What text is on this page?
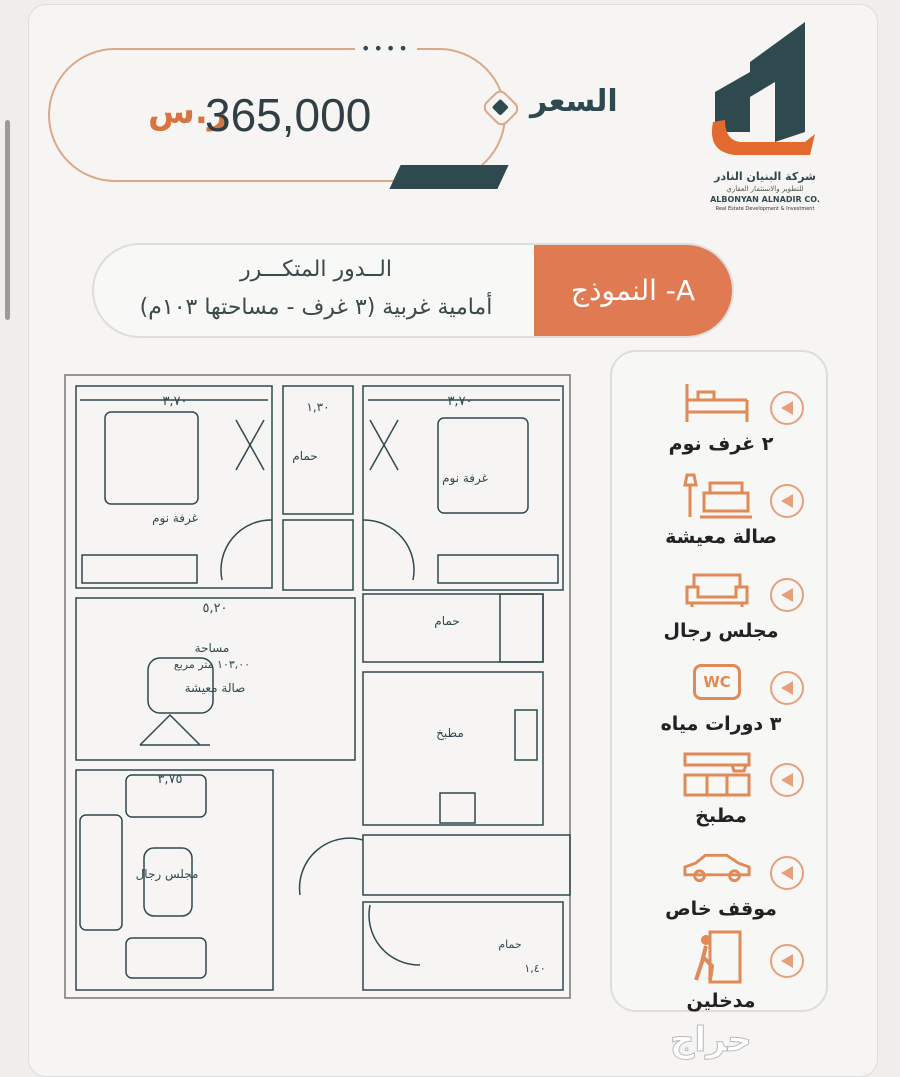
••••
ر.س
365,000	السعر
شركة البنيان النادر
للتطوير والاستثمار العقاري
ALBONYAN ALNADIR CO.
Real Estate Development & Investment
الــدور المتكـــرر
أمامية غربية (٣ غرف - مساحتها ١٠٣م)
النموذج -A
٣,٧٠	١,٣٠	٣,٧٠
٥,٢٠
٣,٧٥
١,٤٠
غرفة نوم
غرفة نوم
حمام
حمام
حمام
مساحة
١٠٣,٠٠ متر مربع
صالة معيشة
مطبخ
مجلس رجال
٢ غرف نوم
صالة معيشة
مجلس رجال
WC
٣ دورات مياه
مطبخ
موقف خاص
مدخلين
حراج
